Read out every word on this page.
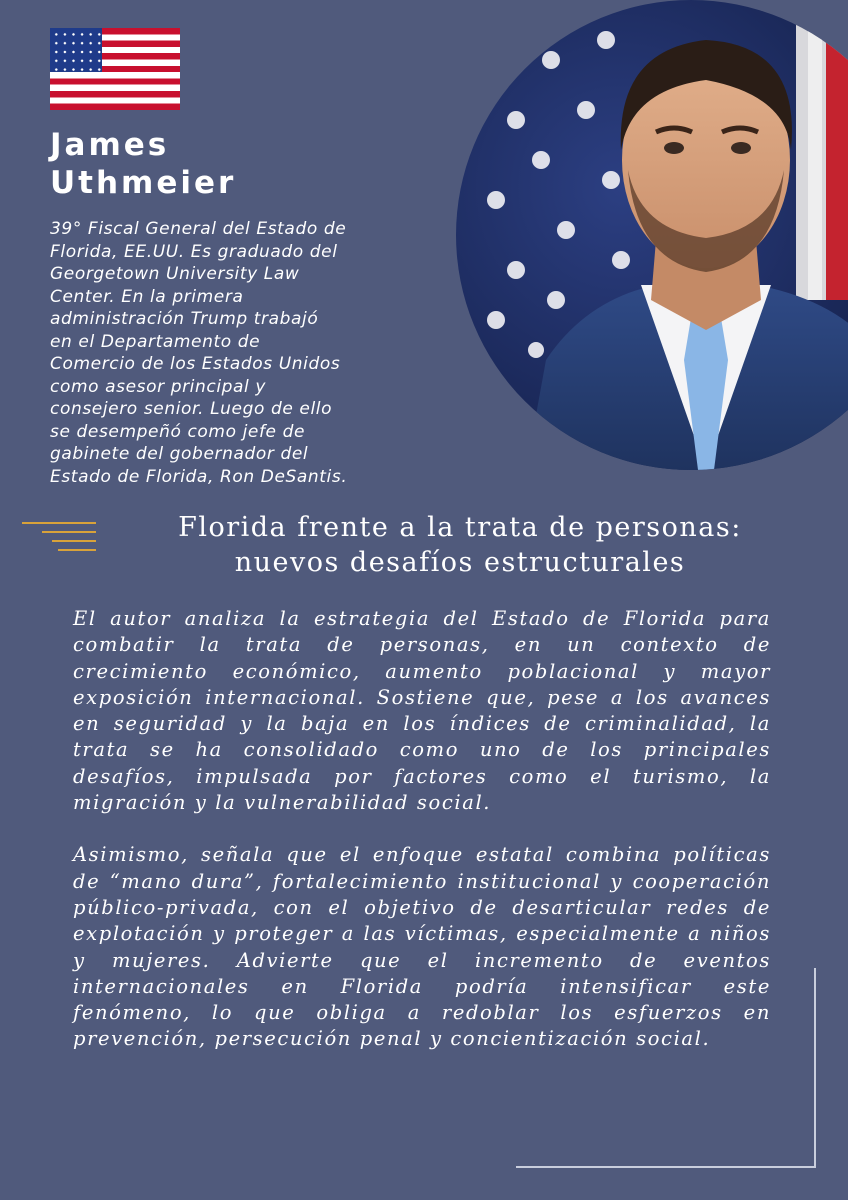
James
Uthmeier
39° Fiscal General del Estado de
Florida, EE.UU. Es graduado del
Georgetown University Law
Center. En la primera
administración Trump trabajó
en el Departamento de
Comercio de los Estados Unidos
como asesor principal y
consejero senior. Luego de ello
se desempeñó como jefe de
gabinete del gobernador del
Estado de Florida, Ron DeSantis.
Florida frente a la trata de personas:
nuevos desafíos estructurales

El autor analiza la estrategia del Estado de Florida para combatir la trata de personas, en un contexto de crecimiento económico, aumento poblacional y mayor exposición internacional. Sostiene que, pese a los avances en seguridad y la baja en los índices de criminalidad, la trata se ha consolidado como uno de los principales desafíos, impulsada por factores como el turismo, la migración y la vulnerabilidad social.

Asimismo, señala que el enfoque estatal combina políticas de “mano dura”, fortalecimiento institucional y cooperación público-privada, con el objetivo de desarticular redes de explotación y proteger a las víctimas, especialmente a niños y mujeres. Advierte que el incremento de eventos internacionales en Florida podría intensificar este fenómeno, lo que obliga a redoblar los esfuerzos en prevención, persecución penal y concientización social.
